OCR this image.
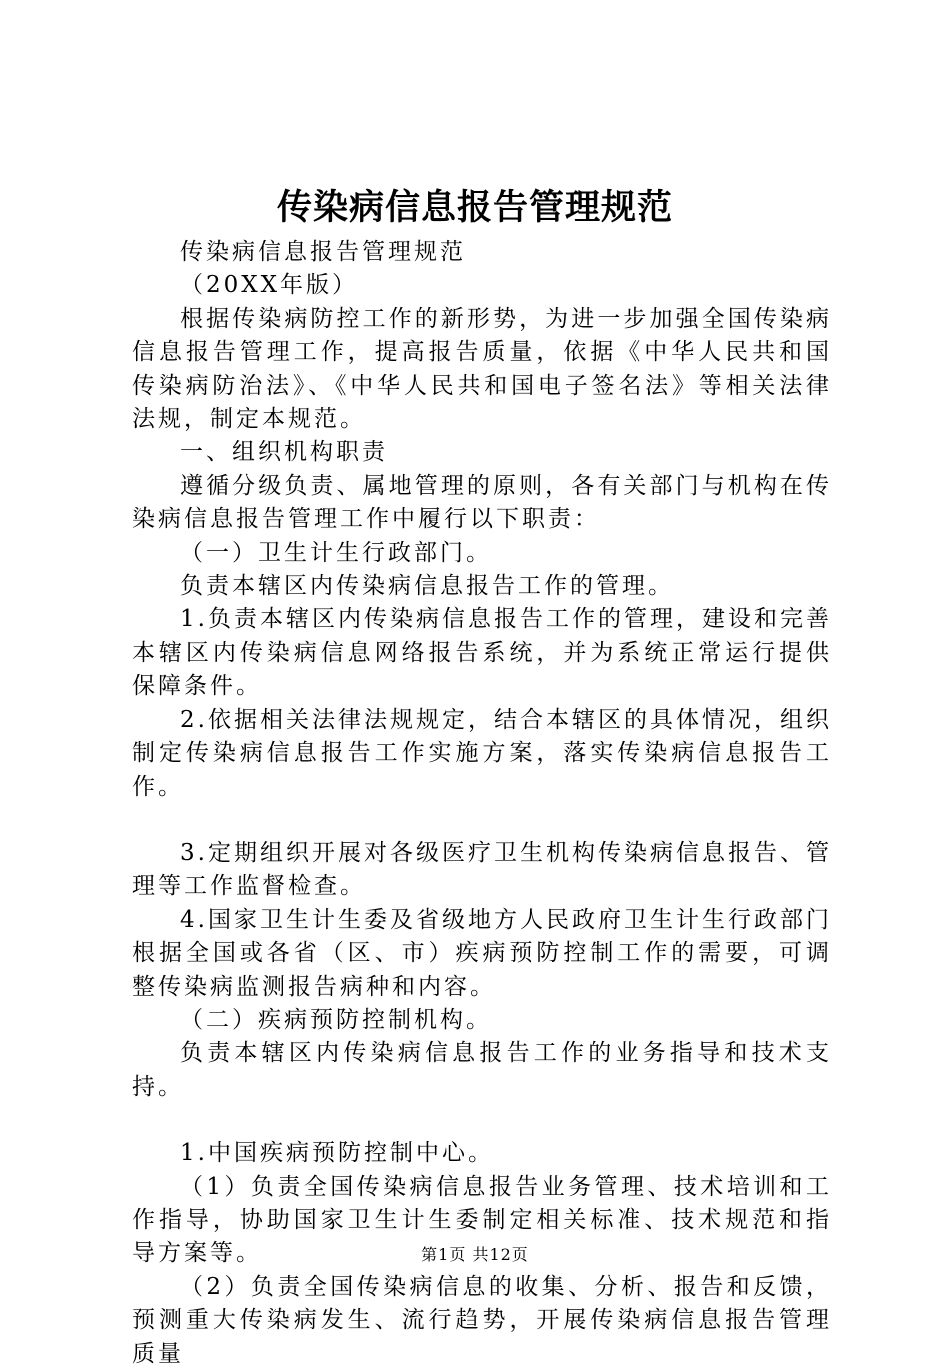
传染病信息报告管理规范

传染病信息报告管理规范

（20XX年版）

根据传染病防控工作的新形势，为进一步加强全国传染病信息报告管理工作，提高报告质量，依据《中华人民共和国传染病防治法》、《中华人民共和国电子签名法》等相关法律法规，制定本规范。

一、组织机构职责

遵循分级负责、属地管理的原则，各有关部门与机构在传染病信息报告管理工作中履行以下职责：

（一）卫生计生行政部门。

负责本辖区内传染病信息报告工作的管理。

1.负责本辖区内传染病信息报告工作的管理，建设和完善本辖区内传染病信息网络报告系统，并为系统正常运行提供保障条件。

2.依据相关法律法规规定，结合本辖区的具体情况，组织制定传染病信息报告工作实施方案，落实传染病信息报告工作。

3.定期组织开展对各级医疗卫生机构传染病信息报告、管理等工作监督检查。

4.国家卫生计生委及省级地方人民政府卫生计生行政部门根据全国或各省（区、市）疾病预防控制工作的需要，可调整传染病监测报告病种和内容。

（二）疾病预防控制机构。

负责本辖区内传染病信息报告工作的业务指导和技术支持。

1.中国疾病预防控制中心。

（1）负责全国传染病信息报告业务管理、技术培训和工作指导，协助国家卫生计生委制定相关标准、技术规范和指导方案等。

（2）负责全国传染病信息的收集、分析、报告和反馈，预测重大传染病发生、流行趋势，开展传染病信息报告管理质量

第1页 共12页
